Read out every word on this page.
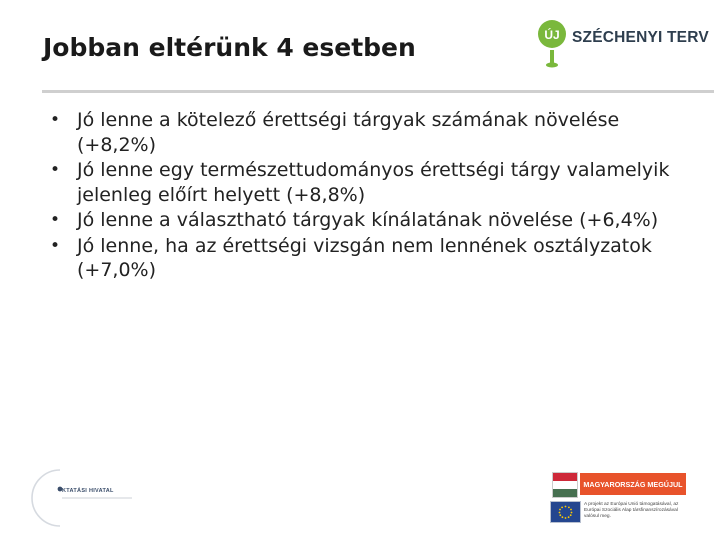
Jobban eltérünk 4 esetben	ÚJ SZÉCHENYI TERV
• Jó lenne a kötelező érettségi tárgyak számának növelése (+8,2%)
• Jó lenne egy természettudományos érettségi tárgy valamelyik jelenleg előírt helyett (+8,8%)
• Jó lenne a választható tárgyak kínálatának növelése (+6,4%)
• Jó lenne, ha az érettségi vizsgán nem lennének osztályzatok (+7,0%)
KTATÁSI HIVATAL
MAGYARORSZÁG MEGÚJUL
A projekt az Európai Unió támogatásával, az Európai Szociális Alap társfinanszírozásával valósul meg.
